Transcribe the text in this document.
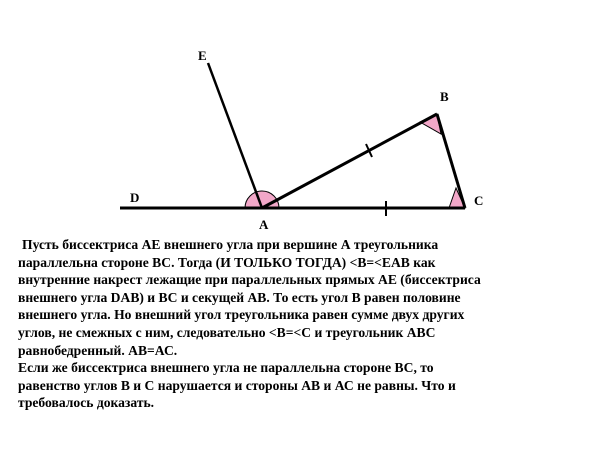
E
B
D
A
C
Пусть биссектриса АЕ внешнего угла при вершине А треугольника
параллельна стороне ВС. Тогда (И ТОЛЬКО ТОГДА) <В=<ЕАВ как
внутренние накрест лежащие при параллельных прямых АЕ (биссектриса
внешнего угла DАВ) и ВС и секущей АВ. То есть угол В равен половине
внешнего угла. Но внешний угол треугольника равен сумме двух других
углов, не смежных с ним, следовательно <В=<С и треугольник АВС
равнобедренный. АВ=АС.
Если же биссектриса внешнего угла не параллельна стороне ВС, то
равенство углов В и С нарушается и стороны АВ и АС не равны. Что и
требовалось доказать.
